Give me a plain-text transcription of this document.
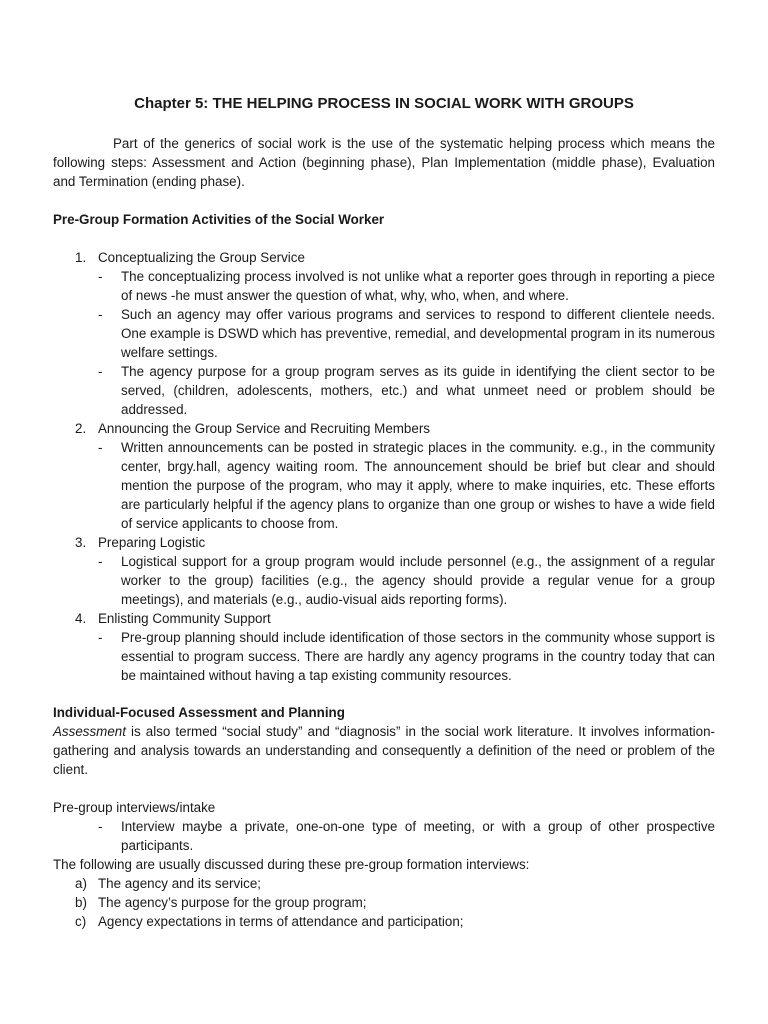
Chapter 5: THE HELPING PROCESS IN SOCIAL WORK WITH GROUPS

Part of the generics of social work is the use of the systematic helping process which means the following steps: Assessment and Action (beginning phase), Plan Implementation (middle phase), Evaluation and Termination (ending phase).

Pre-Group Formation Activities of the Social Worker

1. Conceptualizing the Group Service
- The conceptualizing process involved is not unlike what a reporter goes through in reporting a piece of news -he must answer the question of what, why, who, when, and where.
- Such an agency may offer various programs and services to respond to different clientele needs. One example is DSWD which has preventive, remedial, and developmental program in its numerous welfare settings.
- The agency purpose for a group program serves as its guide in identifying the client sector to be served, (children, adolescents, mothers, etc.) and what unmeet need or problem should be addressed.
2. Announcing the Group Service and Recruiting Members
- Written announcements can be posted in strategic places in the community. e.g., in the community center, brgy.hall, agency waiting room. The announcement should be brief but clear and should mention the purpose of the program, who may it apply, where to make inquiries, etc. These efforts are particularly helpful if the agency plans to organize than one group or wishes to have a wide field of service applicants to choose from.
3. Preparing Logistic
- Logistical support for a group program would include personnel (e.g., the assignment of a regular worker to the group) facilities (e.g., the agency should provide a regular venue for a group meetings), and materials (e.g., audio-visual aids reporting forms).
4. Enlisting Community Support
- Pre-group planning should include identification of those sectors in the community whose support is essential to program success. There are hardly any agency programs in the country today that can be maintained without having a tap existing community resources.

Individual-Focused Assessment and Planning

Assessment is also termed “social study” and “diagnosis” in the social work literature. It involves information-gathering and analysis towards an understanding and consequently a definition of the need or problem of the client.

Pre-group interviews/intake

- Interview maybe a private, one-on-one type of meeting, or with a group of other prospective participants.

The following are usually discussed during these pre-group formation interviews:

a) The agency and its service;
b) The agency’s purpose for the group program;
c) Agency expectations in terms of attendance and participation;
